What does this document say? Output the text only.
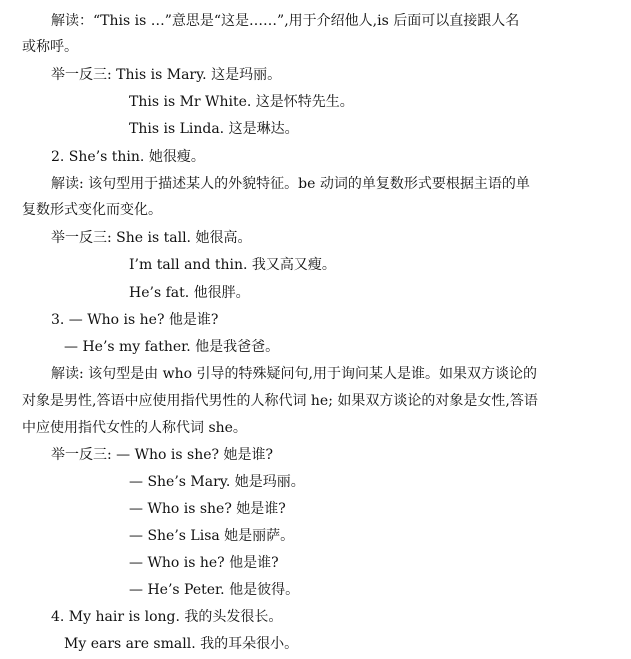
解读：“This is …”意思是“这是……”,用于介绍他人,is 后面可以直接跟人名
或称呼。
举一反三: This is Mary. 这是玛丽。
This is Mr White. 这是怀特先生。
This is Linda. 这是琳达。
2. She’s thin. 她很瘦。
解读: 该句型用于描述某人的外貌特征。be 动词的单复数形式要根据主语的单
复数形式变化而变化。
举一反三: She is tall. 她很高。
I’m tall and thin. 我又高又瘦。
He’s fat. 他很胖。
3. — Who is he? 他是谁?
— He’s my father. 他是我爸爸。
解读: 该句型是由 who 引导的特殊疑问句,用于询问某人是谁。如果双方谈论的
对象是男性,答语中应使用指代男性的人称代词 he; 如果双方谈论的对象是女性,答语
中应使用指代女性的人称代词 she。
举一反三: — Who is she? 她是谁?
— She’s Mary. 她是玛丽。
— Who is she? 她是谁?
— She’s Lisa 她是丽萨。
— Who is he? 他是谁?
— He’s Peter. 他是彼得。
4. My hair is long. 我的头发很长。
My ears are small. 我的耳朵很小。
